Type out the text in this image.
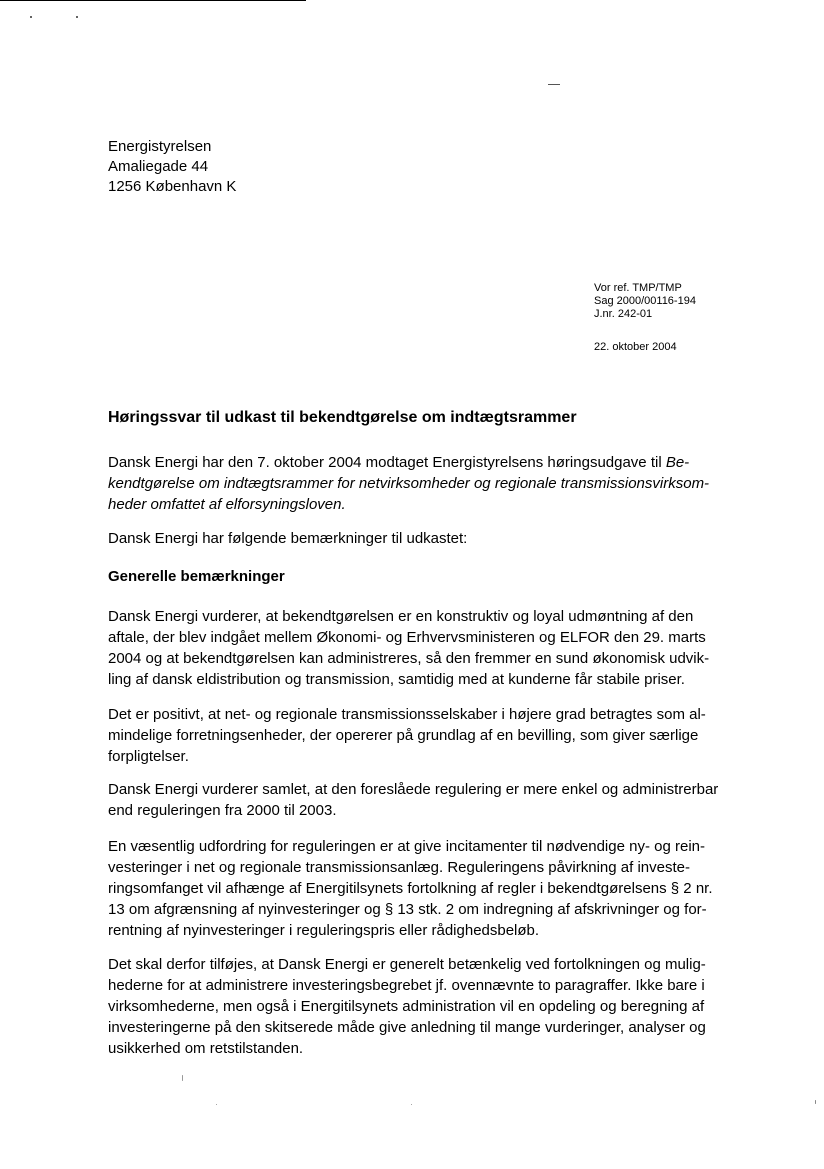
Energistyrelsen
Amaliegade 44
1256 København K
Vor ref. TMP/TMP
Sag 2000/00116-194
J.nr. 242-01
22. oktober 2004
Høringssvar til udkast til bekendtgørelse om indtægtsrammer
Dansk Energi har den 7. oktober 2004 modtaget Energistyrelsens høringsudgave til Be-
kendtgørelse om indtægtsrammer for netvirksomheder og regionale transmissionsvirksom-
heder omfattet af elforsyningsloven.
Dansk Energi har følgende bemærkninger til udkastet:
Generelle bemærkninger
Dansk Energi vurderer, at bekendtgørelsen er en konstruktiv og loyal udmøntning af den
aftale, der blev indgået mellem Økonomi- og Erhvervsministeren og ELFOR den 29. marts
2004 og at bekendtgørelsen kan administreres, så den fremmer en sund økonomisk udvik-
ling af dansk eldistribution og transmission, samtidig med at kunderne får stabile priser.
Det er positivt, at net- og regionale transmissionsselskaber i højere grad betragtes som al-
mindelige forretningsenheder, der opererer på grundlag af en bevilling, som giver særlige
forpligtelser.
Dansk Energi vurderer samlet, at den foreslåede regulering er mere enkel og administrerbar
end reguleringen fra 2000 til 2003.
En væsentlig udfordring for reguleringen er at give incitamenter til nødvendige ny- og rein-
vesteringer i net og regionale transmissionsanlæg. Reguleringens påvirkning af investe-
ringsomfanget vil afhænge af Energitilsynets fortolkning af regler i bekendtgørelsens § 2 nr.
13 om afgrænsning af nyinvesteringer og § 13 stk. 2 om indregning af afskrivninger og for-
rentning af nyinvesteringer i reguleringspris eller rådighedsbeløb.
Det skal derfor tilføjes, at Dansk Energi er generelt betænkelig ved fortolkningen og mulig-
hederne for at administrere investeringsbegrebet jf. ovennævnte to paragraffer. Ikke bare i
virksomhederne, men også i Energitilsynets administration vil en opdeling og beregning af
investeringerne på den skitserede måde give anledning til mange vurderinger, analyser og
usikkerhed om retstilstanden.
